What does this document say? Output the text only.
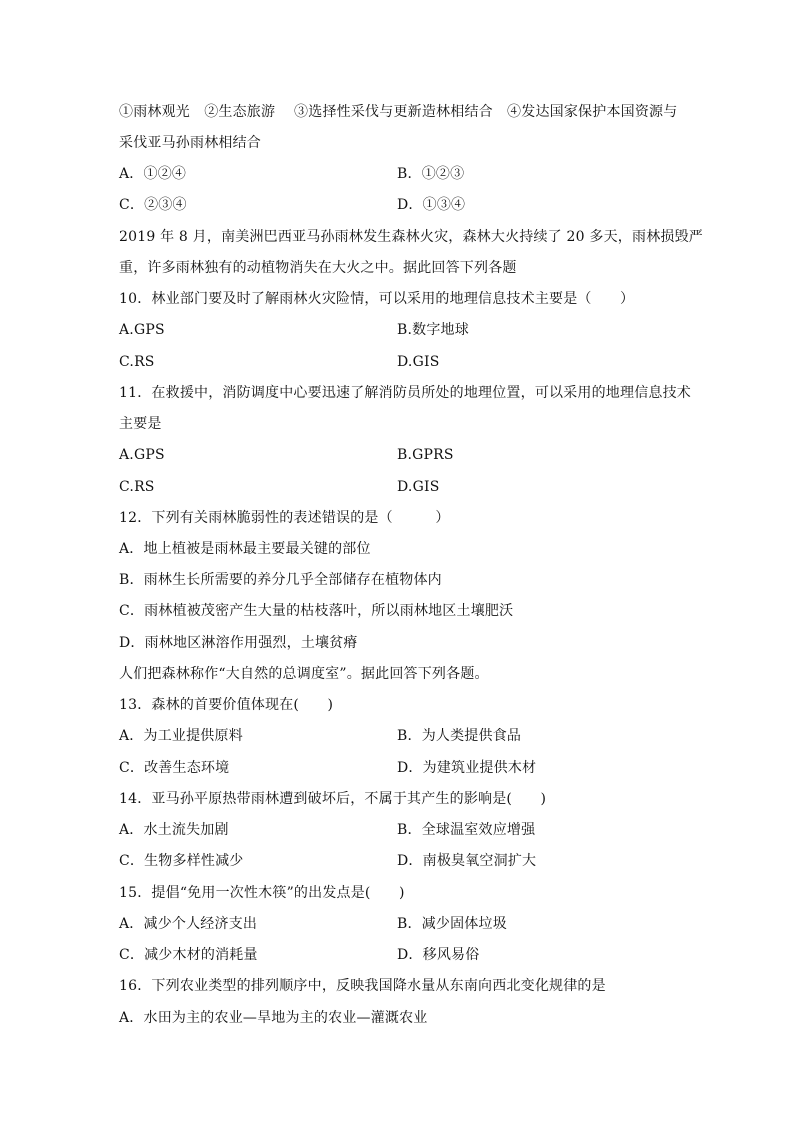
①雨林观光　②生态旅游　 ③选择性采伐与更新造林相结合　④发达国家保护本国资源与
采伐亚马孙雨林相结合
A．①②④	B．①②③
C．②③④	D．①③④
2019 年 8 月，南美洲巴西亚马孙雨林发生森林火灾，森林大火持续了 20 多天，雨林损毁严
重，许多雨林独有的动植物消失在大火之中。据此回答下列各题
10．林业部门要及时了解雨林火灾险情，可以采用的地理信息技术主要是（　　）
A.GPS	B.数字地球
C.RS	D.GIS
11．在救援中，消防调度中心要迅速了解消防员所处的地理位置，可以采用的地理信息技术
主要是
A.GPS	B.GPRS
C.RS	D.GIS
12．下列有关雨林脆弱性的表述错误的是（　　　）
A．地上植被是雨林最主要最关键的部位
B．雨林生长所需要的养分几乎全部储存在植物体内
C．雨林植被茂密产生大量的枯枝落叶，所以雨林地区土壤肥沃
D．雨林地区淋溶作用强烈，土壤贫瘠
人们把森林称作“大自然的总调度室”。据此回答下列各题。
13．森林的首要价值体现在(　　)
A．为工业提供原料	B．为人类提供食品
C．改善生态环境	D．为建筑业提供木材
14．亚马孙平原热带雨林遭到破坏后，不属于其产生的影响是(　　)
A．水土流失加剧	B．全球温室效应增强
C．生物多样性减少	D．南极臭氧空洞扩大
15．提倡“免用一次性木筷”的出发点是(　　)
A．减少个人经济支出	B．减少固体垃圾
C．减少木材的消耗量	D．移风易俗
16．下列农业类型的排列顺序中，反映我国降水量从东南向西北变化规律的是
A．水田为主的农业—旱地为主的农业—灌溉农业
